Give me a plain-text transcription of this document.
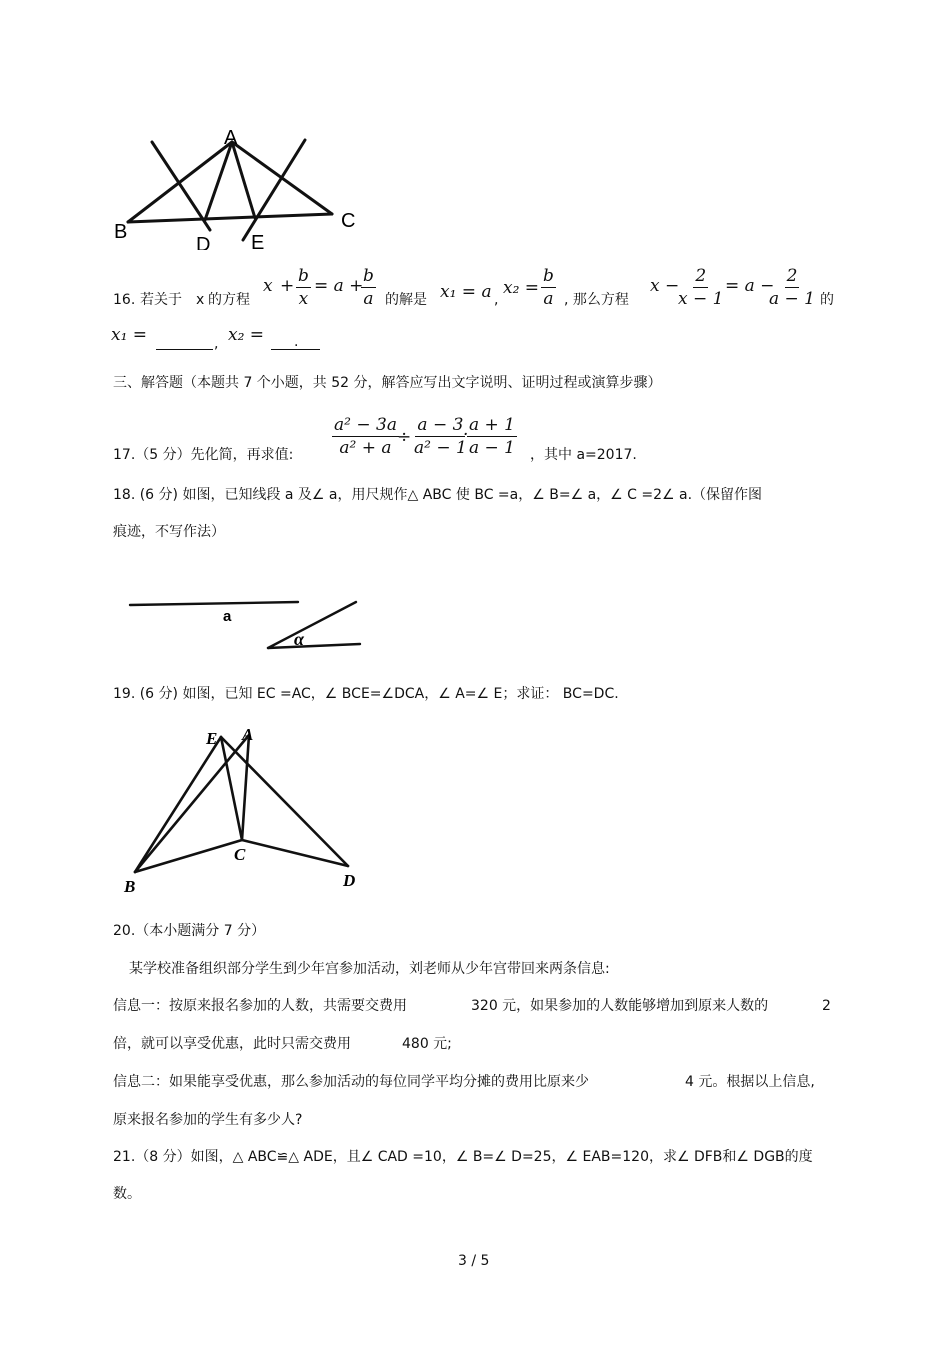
A
B	C
D E
16. 若关于 x 的方程
$x + \frac{b}{x} = a$ +
$\frac{b}{a}$ 的解是 x₁ = a ,
$x_2 = \frac{b}{a}$ , 那么方程
x −
$\frac{2}{x - 1} = a$ −
$\frac{2}{a - 1}$ 的
x₁ =	, x₂ = .
三、解答题（本题共 7 个小题，共 52 分，解答应写出文字说明、证明过程或演算步骤）
17.（5 分）先化简，再求值: $\frac{\text{a² − 3a}}{\text{a² + a}}$
÷ $\frac{a - 3}{\text{a² − 1}}$
·
$\frac{a + 1}{a - 1}$ ，其中 a=2017.
18. (6 分) 如图，已知线段 a 及∠ a，用尺规作△ ABC 使 BC =a，∠ B=∠ a，∠ C =2∠ a.（保留作图
痕迹，不写作法）
a
α
19. (6 分) 如图，已知 EC =AC，∠ BCE=∠DCA，∠ A=∠ E；求证： BC=DC.
E A
B
C
D
20.（本小题满分 7 分）
某学校准备组织部分学生到少年宫参加活动，刘老师从少年宫带回来两条信息:
信息一：按原来报名参加的人数，共需要交费用	320 元，如果参加的人数能够增加到原来人数的	2
倍，就可以享受优惠，此时只需交费用	480 元;
信息二：如果能享受优惠，那么参加活动的每位同学平均分摊的费用比原来少	4 元。根据以上信息,
原来报名参加的学生有多少人?
21.（8 分）如图，△ ABC≌△ ADE，且∠ CAD =10，∠ B=∠ D=25，∠ EAB=120，求∠ DFB和∠ DGB的度
数。
3 / 5
